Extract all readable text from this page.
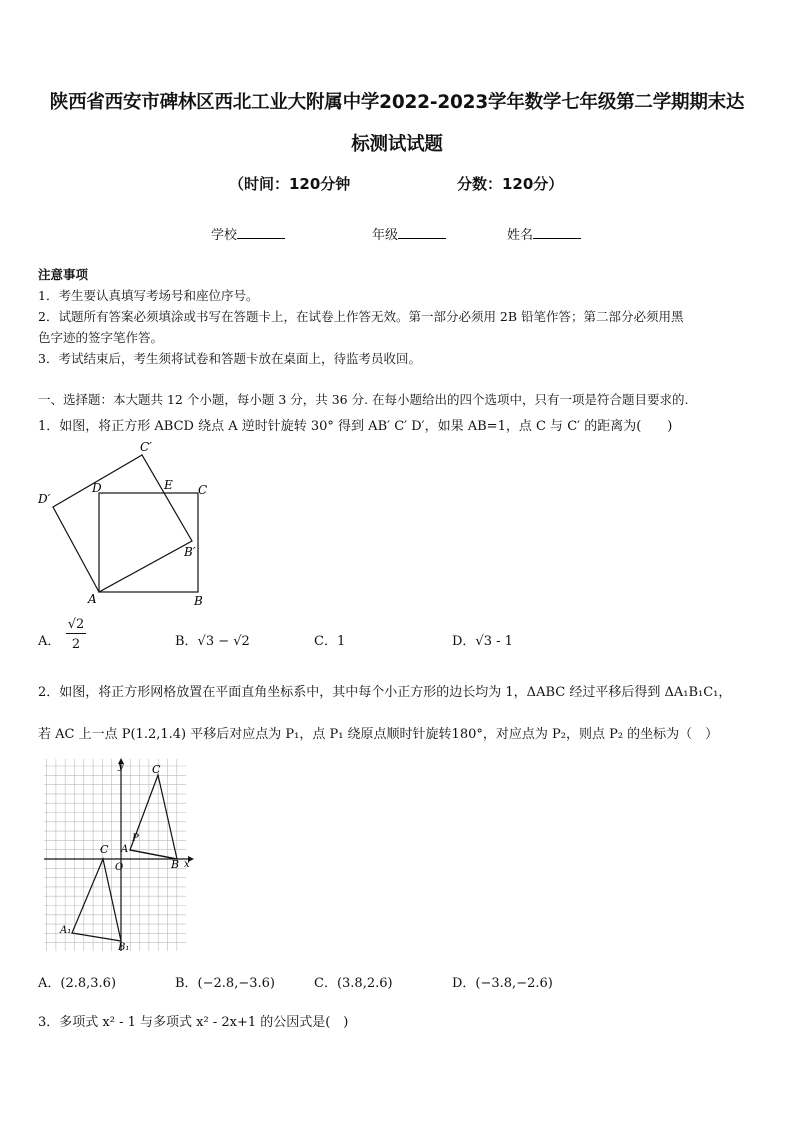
陕西省西安市碑林区西北工业大附属中学2022-2023学年数学七年级第二学期期末达
标测试试题
（时间：120分钟	分数：120分）
学校	年级	姓名
注意事项
1．考生要认真填写考场号和座位序号。
2．试题所有答案必须填涂或书写在答题卡上，在试卷上作答无效。第一部分必须用 2B 铅笔作答；第二部分必须用黑
色字迹的签字笔作答。
3．考试结束后，考生须将试卷和答题卡放在桌面上，待监考员收回。
一、选择题：本大题共 12 个小题，每小题 3 分，共 36 分. 在每小题给出的四个选项中，只有一项是符合题目要求的.
1．如图，将正方形 ABCD 绕点 A 逆时针旋转 30° 得到 AB′ C′ D′，如果 AB=1，点 C 与 C′ 的距离为(　　)
C′
D′
D	E C
B′
A	B
A． $\frac{√2}{2}$	B．√3 − √2	C．1	D．√3 - 1
2．如图，将正方形网格放置在平面直角坐标系中，其中每个小正方形的边长均为 1，ΔABC 经过平移后得到 ΔA₁B₁C₁，
若 AC 上一点 P(1.2,1.4) 平移后对应点为 P₁，点 P₁ 绕原点顺时针旋转180°，对应点为 P₂，则点 P₂ 的坐标为（　）
y
x
C
P
A
B
C
O
A₁
B₁
A．(2.8,3.6)	B．(−2.8,−3.6)	C．(3.8,2.6)	D．(−3.8,−2.6)
3．多项式 x² - 1 与多项式 x² - 2x+1 的公因式是(　)
